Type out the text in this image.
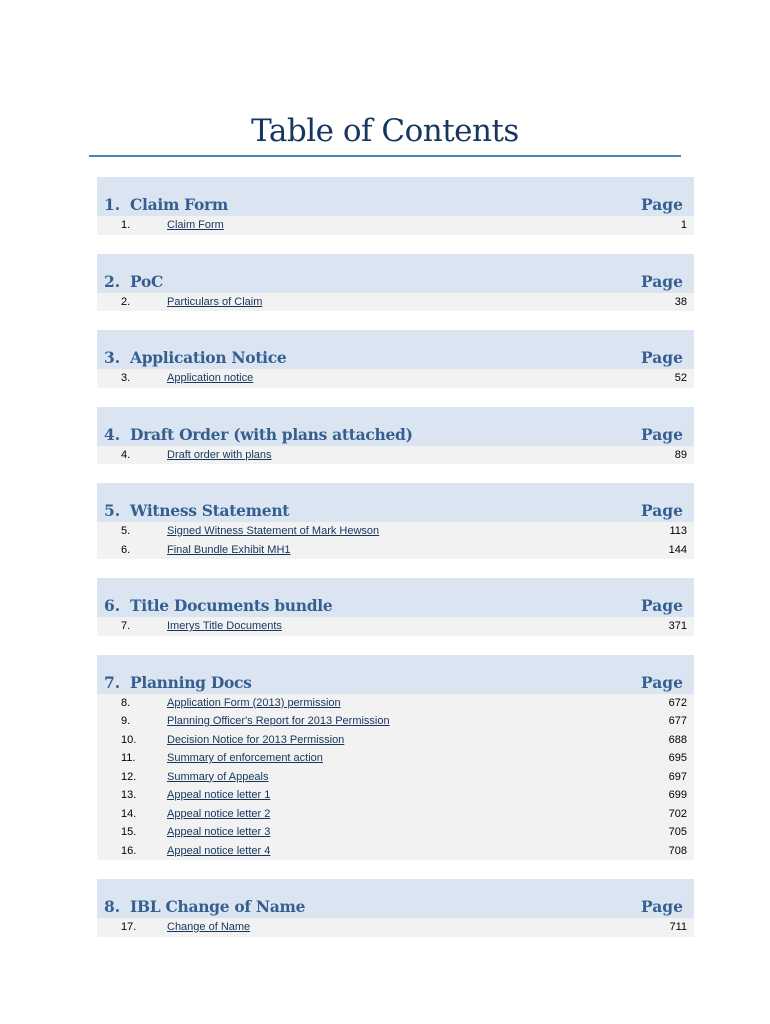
Table of Contents
1. Claim Form	Page
1.	Claim Form	1
2. PoC	Page
2.	Particulars of Claim	38
3. Application Notice	Page
3.	Application notice	52
4. Draft Order (with plans attached)	Page
4.	Draft order with plans	89
5. Witness Statement	Page
5.	Signed Witness Statement of Mark Hewson	113
6.	Final Bundle Exhibit MH1	144
6. Title Documents bundle	Page
7.	Imerys Title Documents	371
7. Planning Docs	Page
8.	Application Form (2013) permission	672
9.	Planning Officer's Report for 2013 Permission	677
10.	Decision Notice for 2013 Permission	688
11.	Summary of enforcement action	695
12.	Summary of Appeals	697
13.	Appeal notice letter 1	699
14.	Appeal notice letter 2	702
15.	Appeal notice letter 3	705
16.	Appeal notice letter 4	708
8. IBL Change of Name	Page
17.	Change of Name	711
